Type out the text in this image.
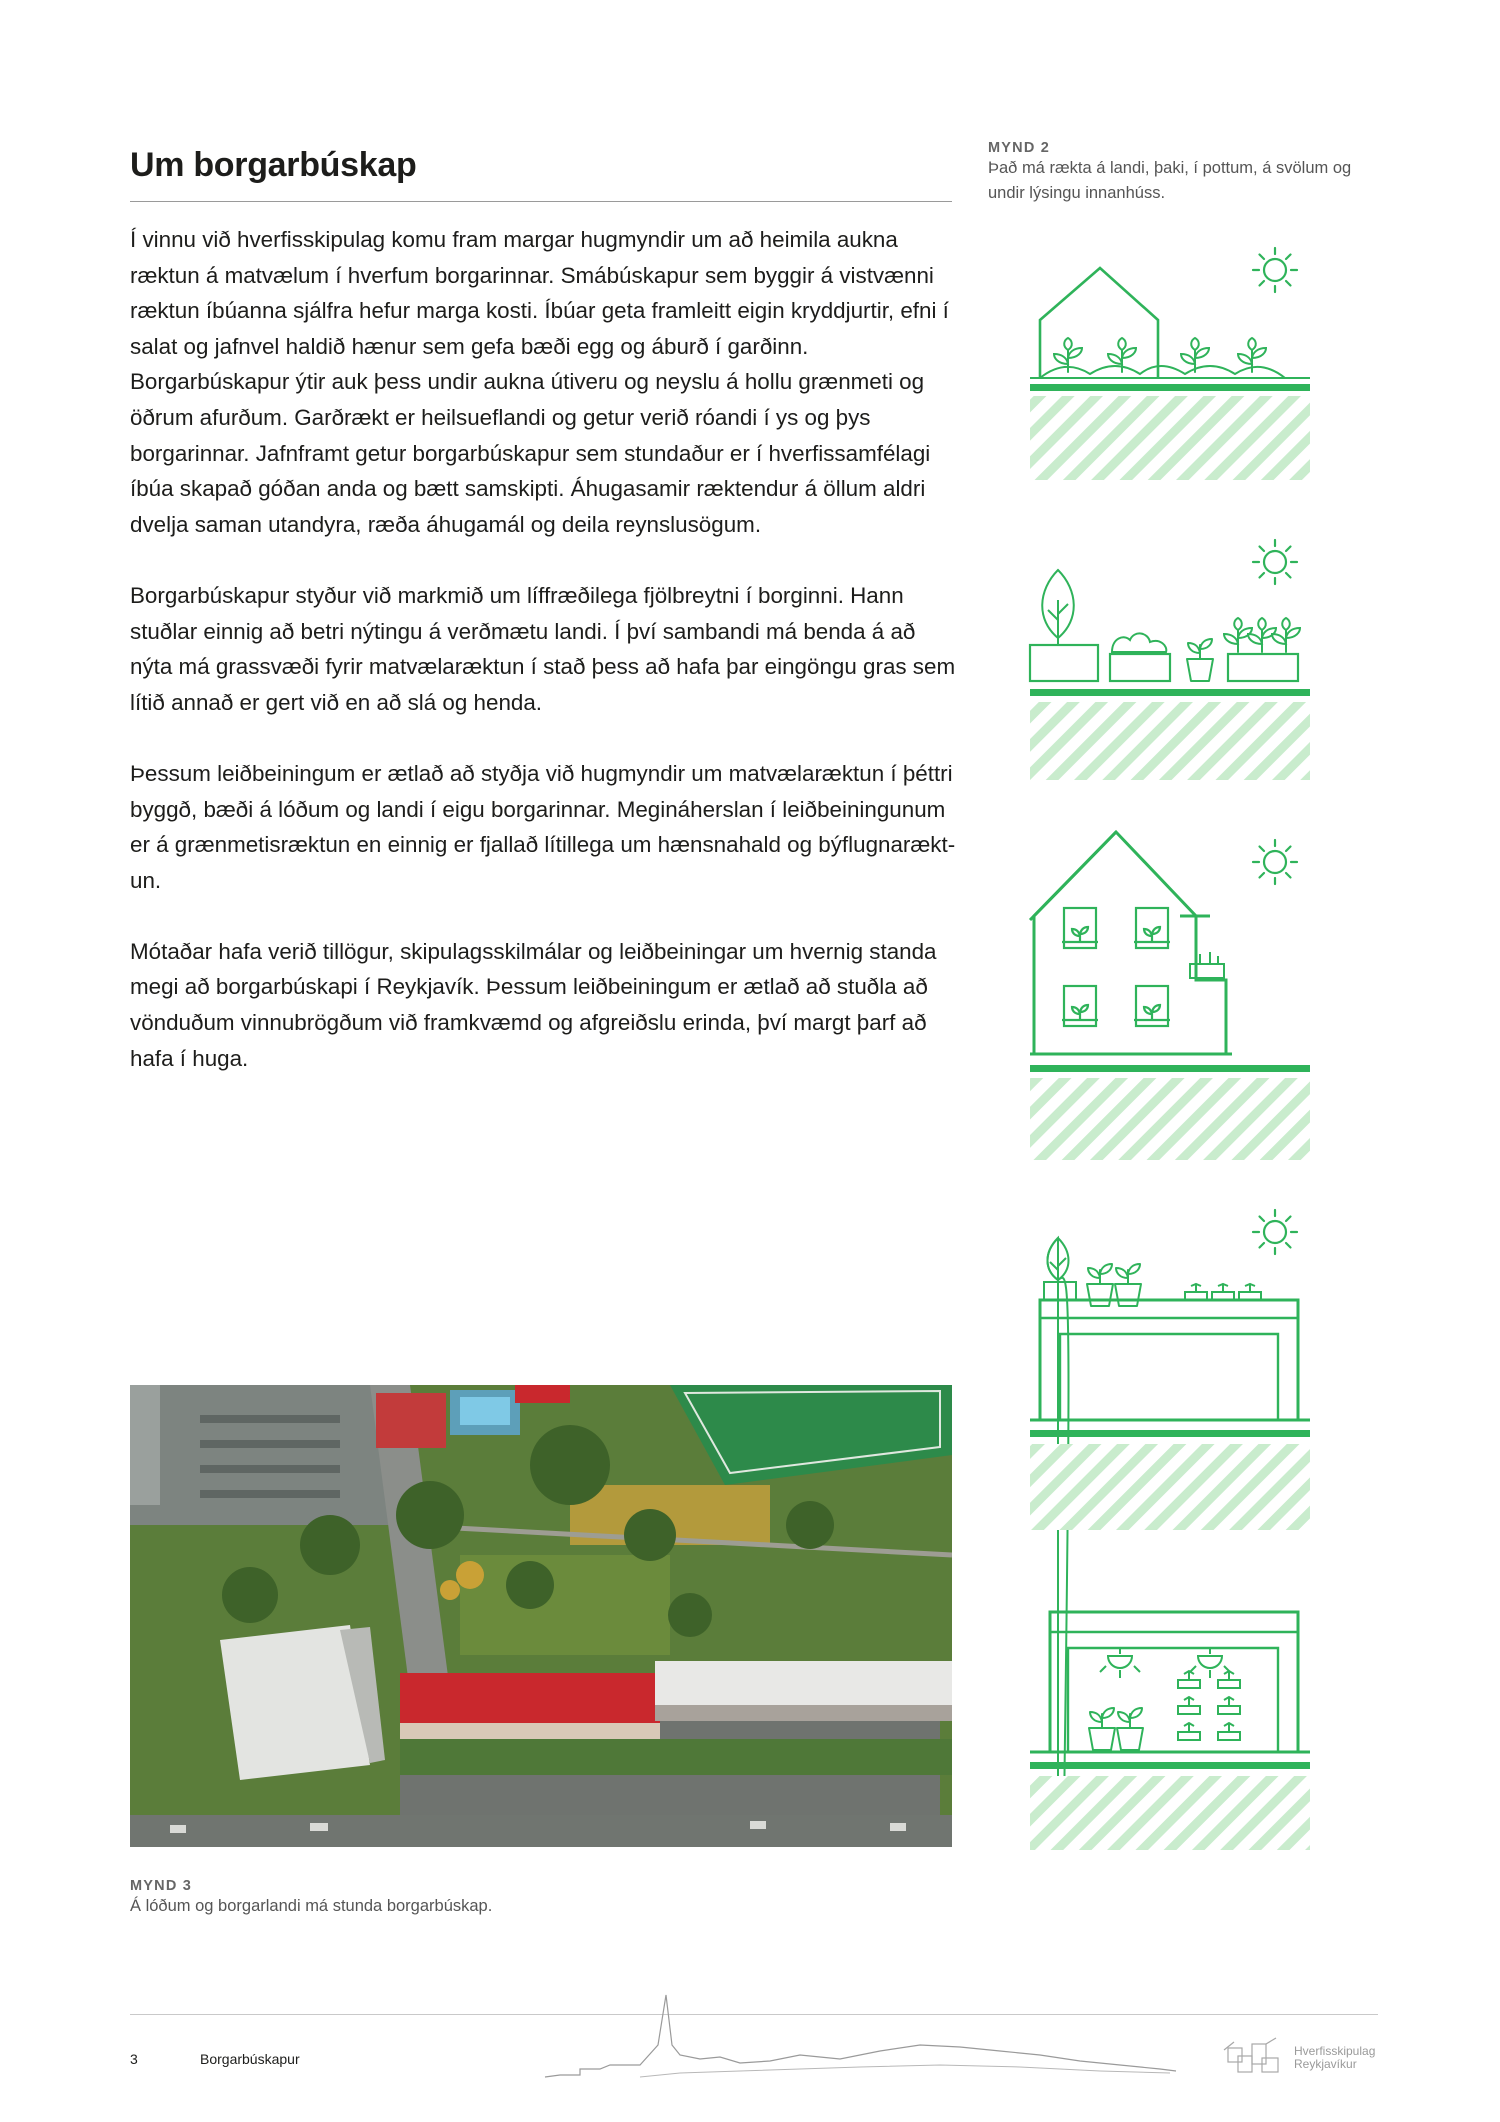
Um borgarbúskap

Í vinnu við hverfisskipulag komu fram margar hugmyndir um að heimila aukna ræktun á matvælum í hverfum borgarinnar. Smábúskapur sem byggir á vistvænni ræktun íbúanna sjálfra hefur marga kosti. Íbúar geta framleitt eigin kryddjurtir, efni í salat og jafnvel haldið hænur sem gefa bæði egg og áburð í garðinn. Borgarbúskapur ýtir auk þess undir aukna útiveru og neyslu á hollu grænmeti og öðrum afurðum. Garðrækt er heilsueflandi og getur verið róandi í ys og þys borgarinnar. Jafnframt getur borgarbúskapur sem stundaður er í hverfissamfélagi íbúa skapað góðan anda og bætt samskipti. Áhugasamir ræktendur á öllum aldri dvelja saman utandyra, ræða áhugamál og deila reynslusögum.

Borgarbúskapur styður við markmið um líffræðilega fjölbreytni í borginni. Hann stuðlar einnig að betri nýtingu á verðmætu landi. Í því sambandi má benda á að nýta má grassvæði fyrir matvælaræktun í stað þess að hafa þar eingöngu gras sem lítið annað er gert við en að slá og henda.

Þessum leiðbeiningum er ætlað að styðja við hugmyndir um matvælaræktun í þéttri byggð, bæði á lóðum og landi í eigu borgarinnar. Megináherslan í leiðbeiningunum er á grænmetisræktun en einnig er fjallað lítillega um hænsnahald og býflugnaræktun.

Mótaðar hafa verið tillögur, skipulagsskilmálar og leiðbeiningar um hvernig standa megi að borgarbúskapi í Reykjavík. Þessum leiðbeiningum er ætlað að stuðla að vönduðum vinnubrögðum við framkvæmd og afgreiðslu erinda, því margt þarf að hafa í huga.

MYND 2
Það má rækta á landi, þaki, í pottum, á svölum og undir lýsingu innanhúss.
MYND 3
Á lóðum og borgarlandi má stunda borgarbúskap.
3	Borgarbúskapur	Hverfisskipulag
Reykjavíkur
